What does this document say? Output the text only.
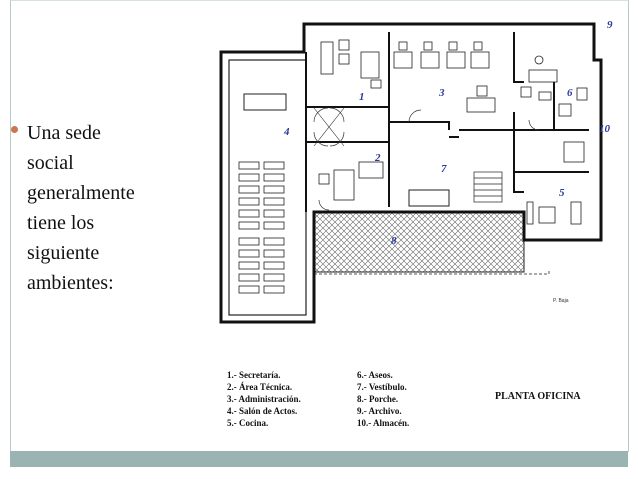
Una sede
social
generalmente
tiene los
siguiente
ambientes:
1
2
3
4
5
6
7
8
9
10
P. Baja
1.- Secretaría.
2.- Área Técnica.
3.- Administración.
4.- Salón de Actos.
5.- Cocina.
6.- Aseos.
7.- Vestíbulo.
8.- Porche.
9.- Archivo.
10.- Almacén.
PLANTA OFICINA
